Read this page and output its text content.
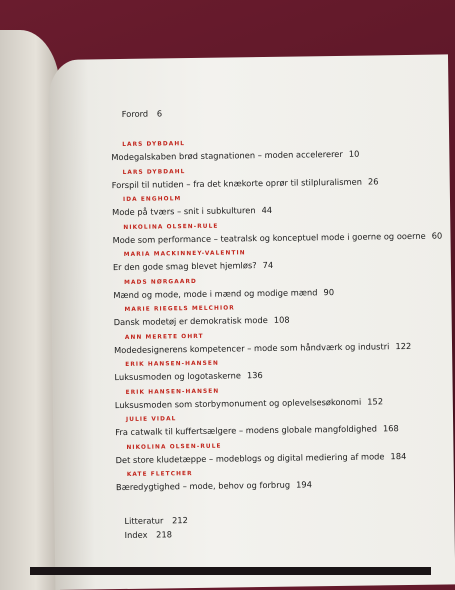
Forord 6
LARS DYBDAHL
Modegalskaben brød stagnationen – moden accelererer 10
LARS DYBDAHL
Forspil til nutiden – fra det knækorte oprør til stilpluralismen 26
IDA ENGHOLM
Mode på tværs – snit i subkulturen 44
NIKOLINA OLSEN-RULE
Mode som performance – teatralsk og konceptuel mode i goerne og ooerne 60
MARIA MACKINNEY-VALENTIN
Er den gode smag blevet hjemløs? 74
MADS NØRGAARD
Mænd og mode, mode i mænd og modige mænd 90
MARIE RIEGELS MELCHIOR
Dansk modetøj er demokratisk mode 108
ANN MERETE OHRT
Modedesignerens kompetencer – mode som håndværk og industri 122
ERIK HANSEN-HANSEN
Luksusmoden og logotaskerne 136
ERIK HANSEN-HANSEN
Luksusmoden som storbymonument og oplevelsesøkonomi 152
JULIE VIDAL
Fra catwalk til kuffertsælgere – modens globale mangfoldighed 168
NIKOLINA OLSEN-RULE
Det store kludetæppe – modeblogs og digital mediering af mode 184
KATE FLETCHER
Bæredygtighed – mode, behov og forbrug 194
Litteratur 212
Index 218
